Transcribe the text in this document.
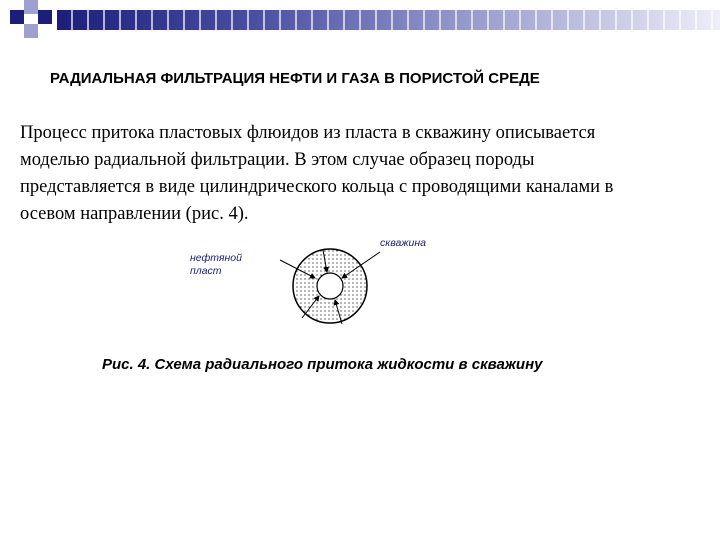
РАДИАЛЬНАЯ ФИЛЬТРАЦИЯ НЕФТИ И ГАЗА В ПОРИСТОЙ СРЕДЕ

Процесс притока пластовых флюидов из пласта в скважину описывается
моделью радиальной фильтрации. В этом случае образец породы
представляется в виде цилиндрического кольца с проводящими каналами в
осевом направлении (рис. 4).

нефтяной
пласт
скважина
Рис. 4. Схема радиального притока жидкости в скважину
